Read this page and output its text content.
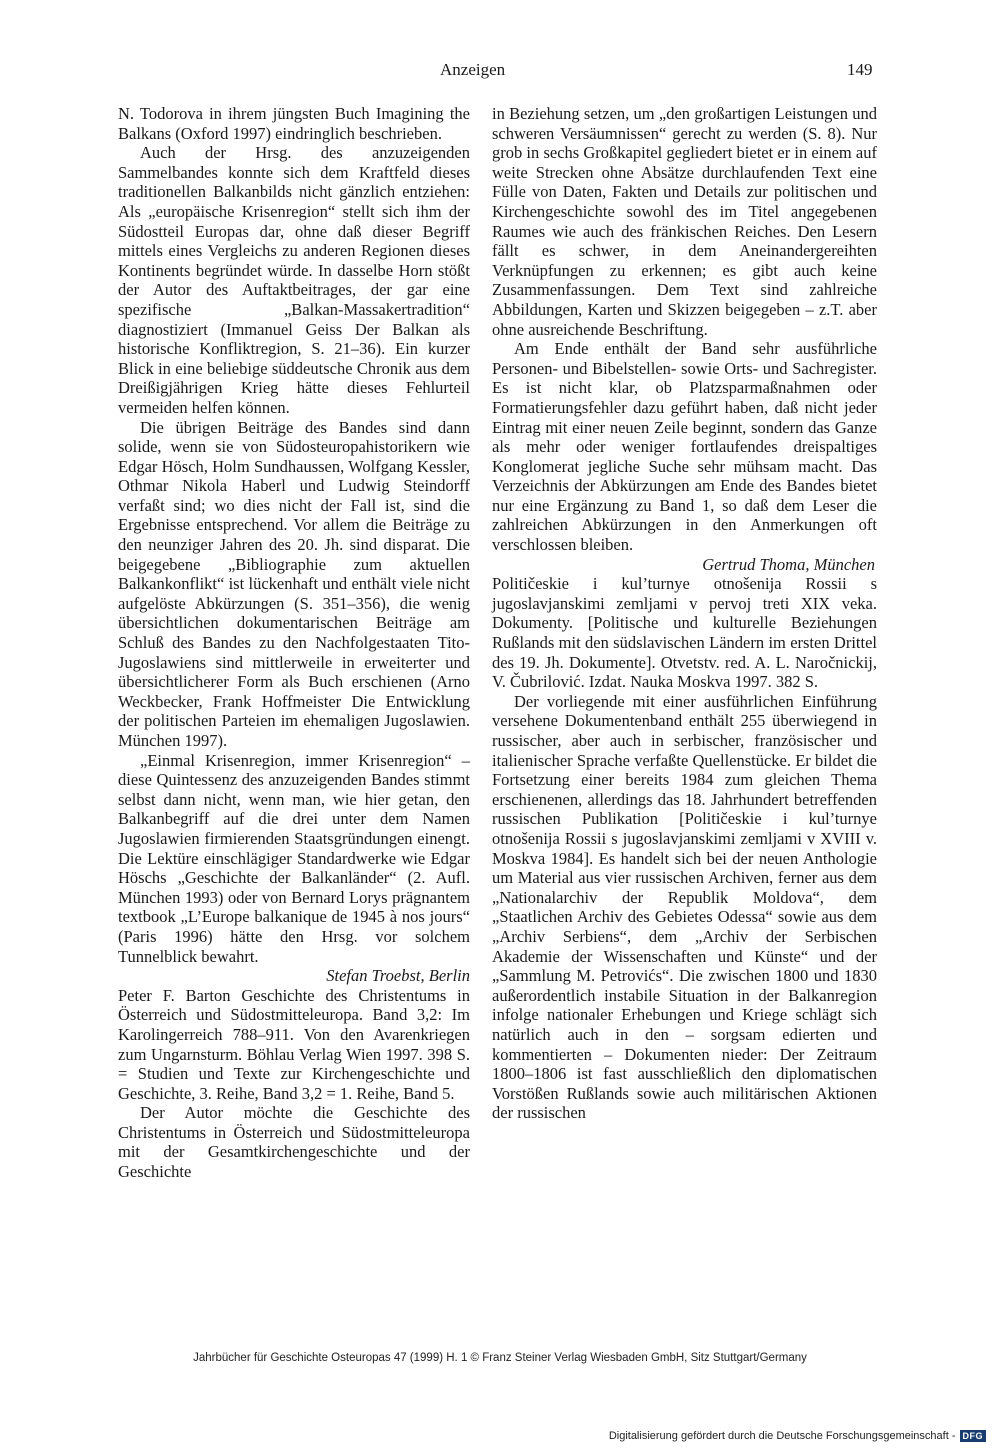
Anzeigen	149

N. Todorova in ihrem jüngsten Buch Imagining the Balkans (Oxford 1997) eindringlich beschrieben.

Auch der Hrsg. des anzuzeigenden Sammelbandes konnte sich dem Kraftfeld dieses traditionellen Balkanbilds nicht gänzlich entziehen: Als „europäische Krisenregion“ stellt sich ihm der Südostteil Europas dar, ohne daß dieser Begriff mittels eines Vergleichs zu anderen Regionen dieses Kontinents begründet würde. In dasselbe Horn stößt der Autor des Auftaktbeitrages, der gar eine spezifische „Balkan-Massakertradition“ diagnostiziert (Immanuel Geiss Der Balkan als historische Konfliktregion, S. 21–36). Ein kurzer Blick in eine beliebige süddeutsche Chronik aus dem Dreißigjährigen Krieg hätte dieses Fehlurteil vermeiden helfen können.

Die übrigen Beiträge des Bandes sind dann solide, wenn sie von Südosteuropahistorikern wie Edgar Hösch, Holm Sundhaussen, Wolfgang Kessler, Othmar Nikola Haberl und Ludwig Steindorff verfaßt sind; wo dies nicht der Fall ist, sind die Ergebnisse entsprechend. Vor allem die Beiträge zu den neunziger Jahren des 20. Jh. sind disparat. Die beigegebene „Bibliographie zum aktuellen Balkankonflikt“ ist lückenhaft und enthält viele nicht aufgelöste Abkürzungen (S. 351–356), die wenig übersichtlichen dokumentarischen Beiträge am Schluß des Bandes zu den Nachfolgestaaten Tito-Jugoslawiens sind mittlerweile in erweiterter und übersichtlicherer Form als Buch erschienen (Arno Weckbecker, Frank Hoffmeister Die Entwicklung der politischen Parteien im ehemaligen Jugoslawien. München 1997).

„Einmal Krisenregion, immer Krisenregion“ – diese Quintessenz des anzuzeigenden Bandes stimmt selbst dann nicht, wenn man, wie hier getan, den Balkanbegriff auf die drei unter dem Namen Jugoslawien firmierenden Staatsgründungen einengt. Die Lektüre einschlägiger Standardwerke wie Edgar Höschs „Geschichte der Balkanländer“ (2. Aufl. München 1993) oder von Bernard Lorys prägnantem textbook „L’Europe balkanique de 1945 à nos jours“ (Paris 1996) hätte den Hrsg. vor solchem Tunnelblick bewahrt.

Stefan Troebst, Berlin

Peter F. Barton Geschichte des Christentums in Österreich und Südostmitteleuropa. Band 3,2: Im Karolingerreich 788–911. Von den Avarenkriegen zum Ungarnsturm. Böhlau Verlag Wien 1997. 398 S. = Studien und Texte zur Kirchengeschichte und Geschichte, 3. Reihe, Band 3,2 = 1. Reihe, Band 5.

Der Autor möchte die Geschichte des Christentums in Österreich und Südostmitteleuropa mit der Gesamtkirchengeschichte und der Geschichte

in Beziehung setzen, um „den großartigen Leistungen und schweren Versäumnissen“ gerecht zu werden (S. 8). Nur grob in sechs Großkapitel gegliedert bietet er in einem auf weite Strecken ohne Absätze durchlaufenden Text eine Fülle von Daten, Fakten und Details zur politischen und Kirchengeschichte sowohl des im Titel angegebenen Raumes wie auch des fränkischen Reiches. Den Lesern fällt es schwer, in dem Aneinandergereihten Verknüpfungen zu erkennen; es gibt auch keine Zusammenfassungen. Dem Text sind zahlreiche Abbildungen, Karten und Skizzen beigegeben – z.T. aber ohne ausreichende Beschriftung.

Am Ende enthält der Band sehr ausführliche Personen- und Bibelstellen- sowie Orts- und Sachregister. Es ist nicht klar, ob Platzsparmaßnahmen oder Formatierungsfehler dazu geführt haben, daß nicht jeder Eintrag mit einer neuen Zeile beginnt, sondern das Ganze als mehr oder weniger fortlaufendes dreispaltiges Konglomerat jegliche Suche sehr mühsam macht. Das Verzeichnis der Abkürzungen am Ende des Bandes bietet nur eine Ergänzung zu Band 1, so daß dem Leser die zahlreichen Abkürzungen in den Anmerkungen oft verschlossen bleiben.

Gertrud Thoma, München

Političeskie i kul’turnye otnošenija Rossii s jugoslavjanskimi zemljami v pervoj treti XIX veka. Dokumenty. [Politische und kulturelle Beziehungen Rußlands mit den südslavischen Ländern im ersten Drittel des 19. Jh. Dokumente]. Otvetstv. red. A. L. Naročnickij, V. Čubrilović. Izdat. Nauka Moskva 1997. 382 S.

Der vorliegende mit einer ausführlichen Einführung versehene Dokumentenband enthält 255 überwiegend in russischer, aber auch in serbischer, französischer und italienischer Sprache verfaßte Quellenstücke. Er bildet die Fortsetzung einer bereits 1984 zum gleichen Thema erschienenen, allerdings das 18. Jahrhundert betreffenden russischen Publikation [Političeskie i kul’turnye otnošenija Rossii s jugoslavjanskimi zemljami v XVIII v. Moskva 1984]. Es handelt sich bei der neuen Anthologie um Material aus vier russischen Archiven, ferner aus dem „Nationalarchiv der Republik Moldova“, dem „Staatlichen Archiv des Gebietes Odessa“ sowie aus dem „Archiv Serbiens“, dem „Archiv der Serbischen Akademie der Wissenschaften und Künste“ und der „Sammlung M. Petrovićs“. Die zwischen 1800 und 1830 außerordentlich instabile Situation in der Balkanregion infolge nationaler Erhebungen und Kriege schlägt sich natürlich auch in den – sorgsam edierten und kommentierten – Dokumenten nieder: Der Zeitraum 1800–1806 ist fast ausschließlich den diplomatischen Vorstößen Rußlands sowie auch militärischen Aktionen der russischen

Jahrbücher für Geschichte Osteuropas 47 (1999) H. 1 © Franz Steiner Verlag Wiesbaden GmbH, Sitz Stuttgart/Germany
Digitalisierung gefördert durch die Deutsche Forschungsgemeinschaft - DFG
